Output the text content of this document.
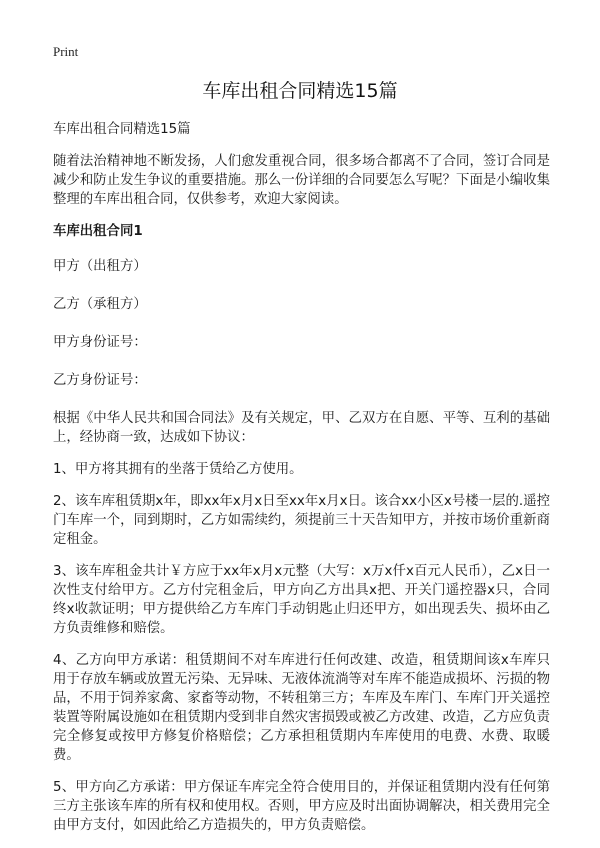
Print
车库出租合同精选15篇

车库出租合同精选15篇

随着法治精神地不断发扬，人们愈发重视合同，很多场合都离不了合同，签订合同是减少和防止发生争议的重要措施。那么一份详细的合同要怎么写呢？下面是小编收集整理的车库出租合同，仅供参考，欢迎大家阅读。

车库出租合同1

甲方（出租方）

乙方（承租方）

甲方身份证号：

乙方身份证号：

根据《中华人民共和国合同法》及有关规定，甲、乙双方在自愿、平等、互利的基础上，经协商一致，达成如下协议：

1、甲方将其拥有的坐落于赁给乙方使用。

2、该车库租赁期x年，即xx年x月x日至xx年x月x日。该合xx小区x号楼一层的.遥控门车库一个，同到期时，乙方如需续约，须提前三十天告知甲方，并按市场价重新商定租金。

3、该车库租金共计￥方应于xx年x月x元整（大写：x万x仟x百元人民币），乙x日一次性支付给甲方。乙方付完租金后，甲方向乙方出具x把、开关门遥控器x只，合同终x收款证明；甲方提供给乙方车库门手动钥匙止归还甲方，如出现丢失、损坏由乙方负责维修和赔偿。

4、乙方向甲方承诺：租赁期间不对车库进行任何改建、改造，租赁期间该x车库只用于存放车辆或放置无污染、无异味、无液体流淌等对车库不能造成损坏、污损的物品，不用于饲养家禽、家畜等动物，不转租第三方；车库及车库门、车库门开关遥控装置等附属设施如在租赁期内受到非自然灾害损毁或被乙方改建、改造，乙方应负责完全修复或按甲方修复价格赔偿；乙方承担租赁期内车库使用的电费、水费、取暖费。

5、甲方向乙方承诺：甲方保证车库完全符合使用目的，并保证租赁期内没有任何第三方主张该车库的所有权和使用权。否则，甲方应及时出面协调解决，相关费用完全由甲方支付，如因此给乙方造损失的，甲方负责赔偿。
